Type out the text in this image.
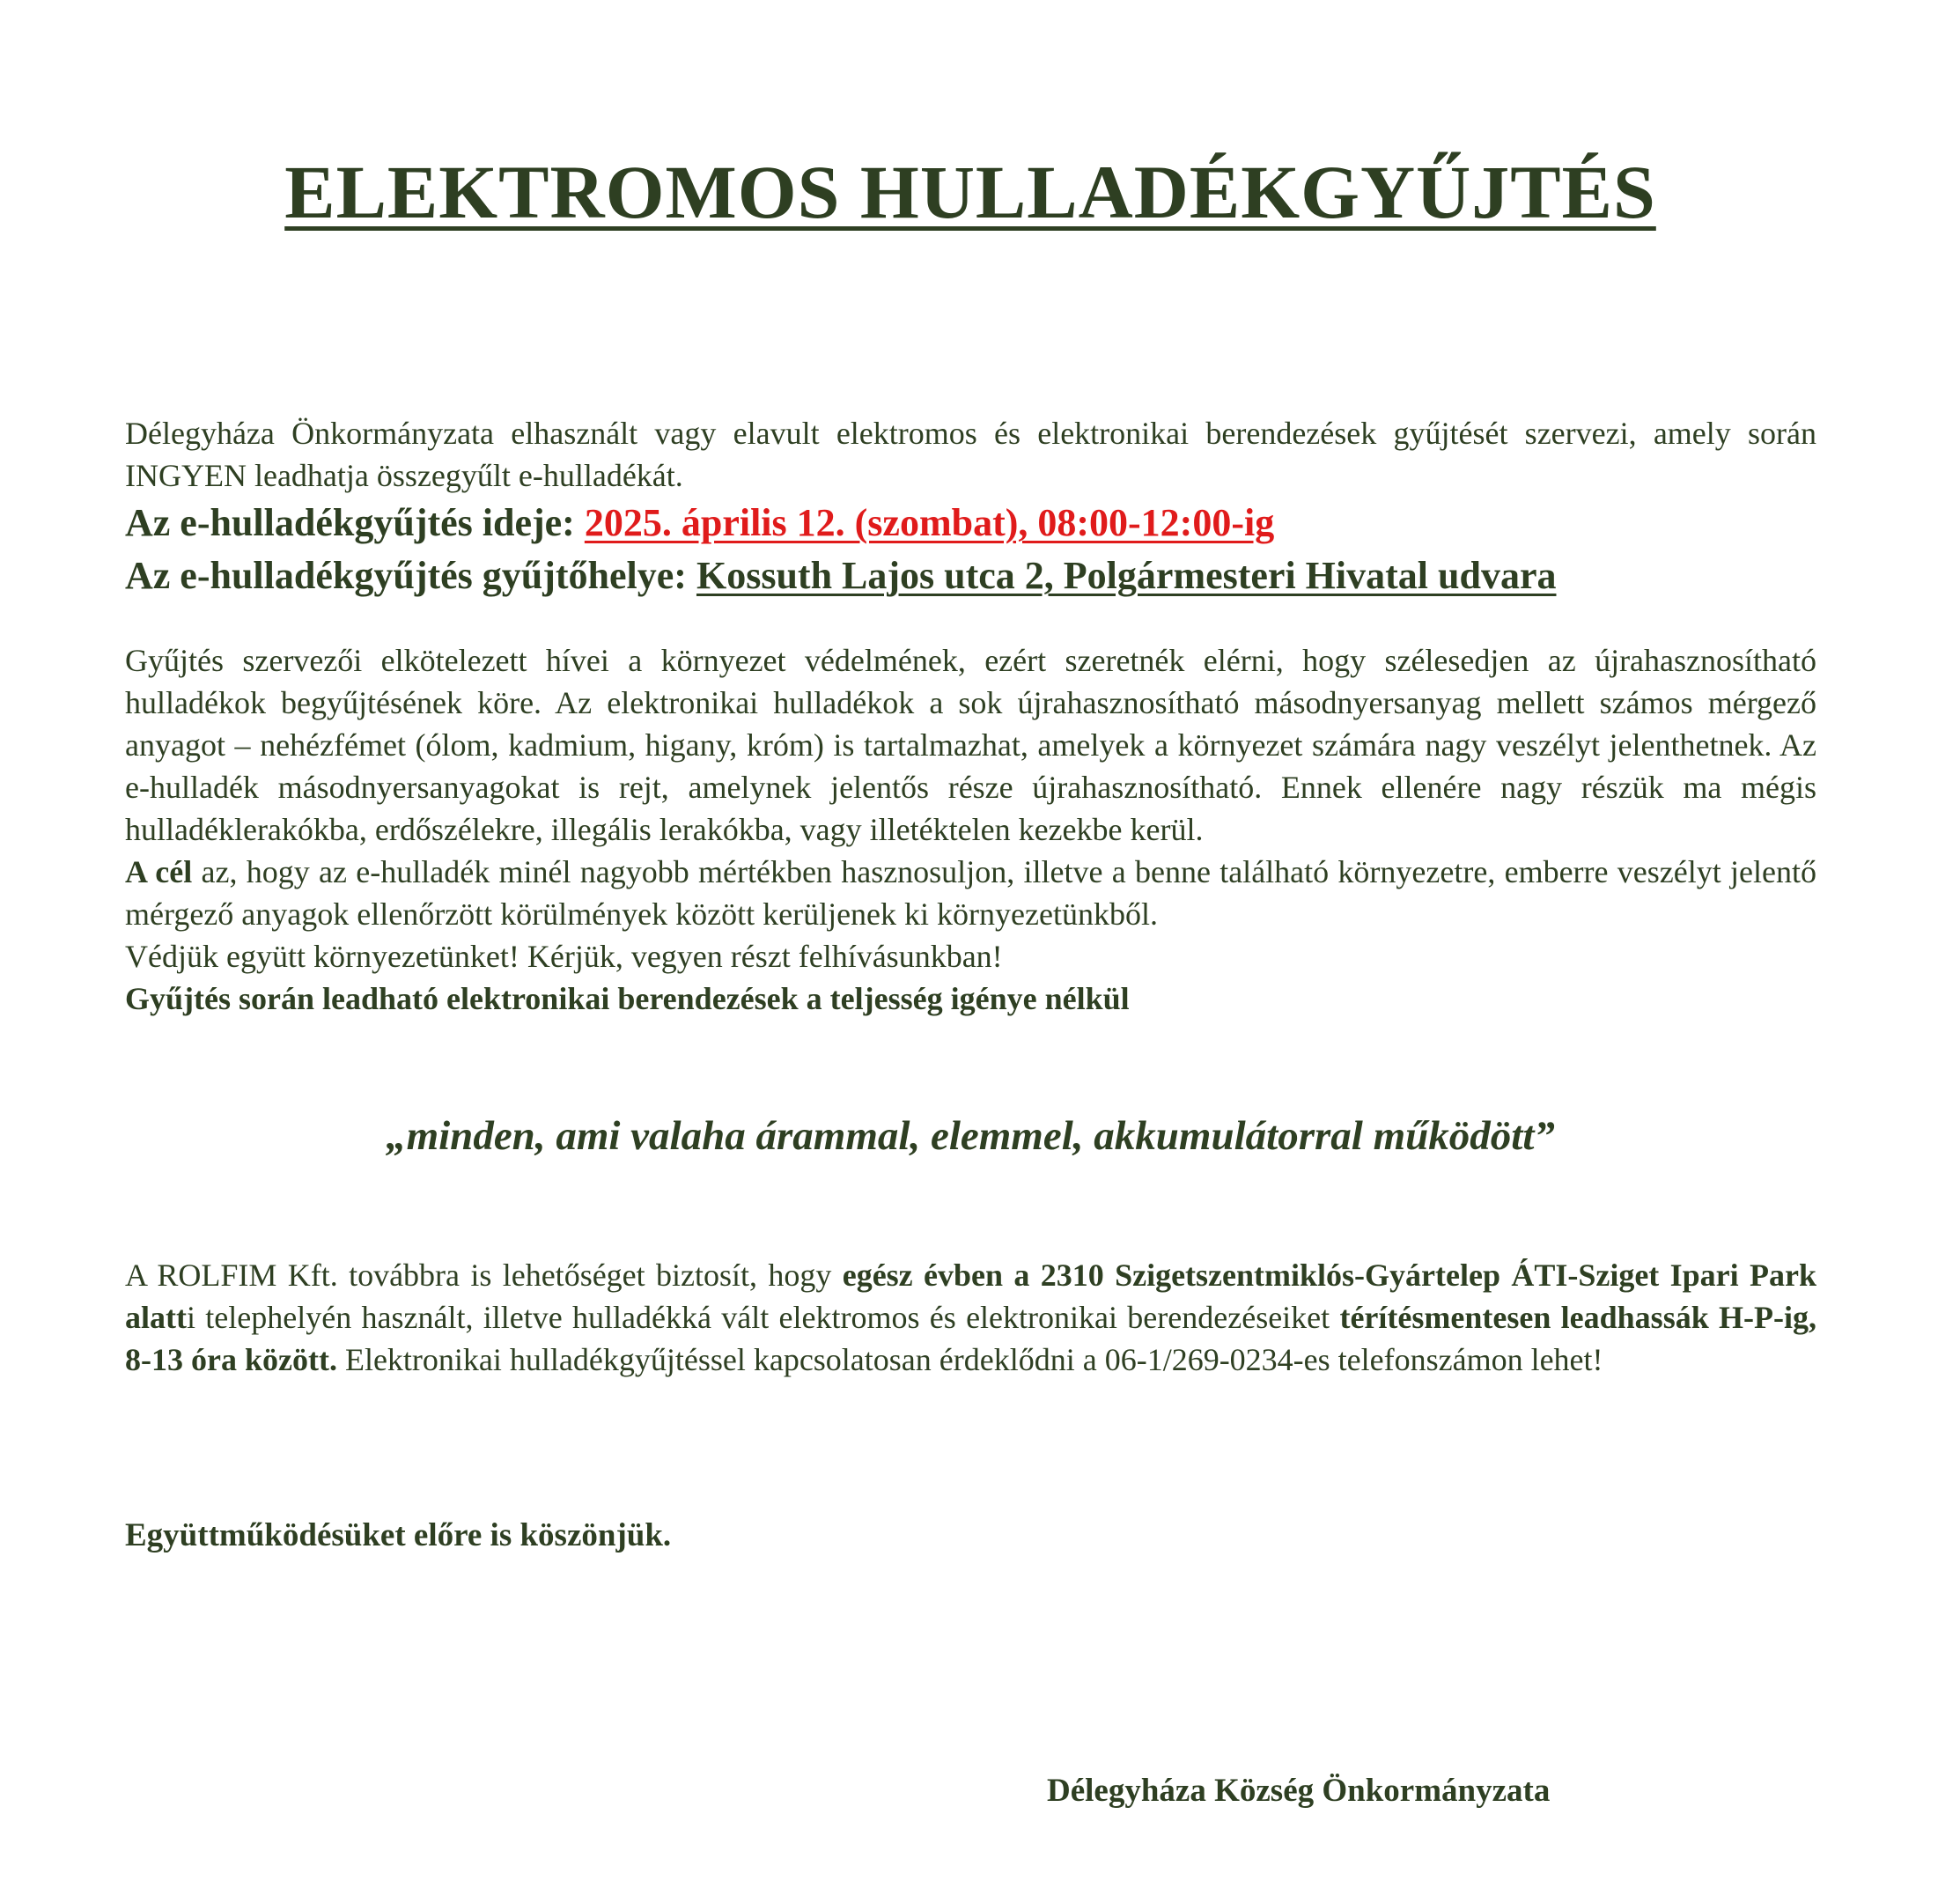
ELEKTROMOS HULLADÉKGYŰJTÉS

Délegyháza Önkormányzata elhasznált vagy elavult elektromos és elektronikai berendezések gyűjtését szervezi, amely során INGYEN leadhatja összegyűlt e-hulladékát.

Az e-hulladékgyűjtés ideje: 2025. április 12. (szombat), 08:00-12:00-ig
Az e-hulladékgyűjtés gyűjtőhelye: Kossuth Lajos utca 2, Polgármesteri Hivatal udvara

Gyűjtés szervezői elkötelezett hívei a környezet védelmének, ezért szeretnék elérni, hogy szélesedjen az újrahasznosítható hulladékok begyűjtésének köre. Az elektronikai hulladékok a sok újrahasznosítható másodnyersanyag mellett számos mérgező anyagot – nehézfémet (ólom, kadmium, higany, króm) is tartalmazhat, amelyek a környezet számára nagy veszélyt jelenthetnek. Az e-hulladék másodnyersanyagokat is rejt, amelynek jelentős része újrahasznosítható. Ennek ellenére nagy részük ma mégis hulladéklerakókba, erdőszélekre, illegális lerakókba, vagy illetéktelen kezekbe kerül.

A cél az, hogy az e-hulladék minél nagyobb mértékben hasznosuljon, illetve a benne található környezetre, emberre veszélyt jelentő mérgező anyagok ellenőrzött körülmények között kerüljenek ki környezetünkből.

Védjük együtt környezetünket! Kérjük, vegyen részt felhívásunkban!

Gyűjtés során leadható elektronikai berendezések a teljesség igénye nélkül

„minden, ami valaha árammal, elemmel, akkumulátorral működött”

A ROLFIM Kft. továbbra is lehetőséget biztosít, hogy egész évben a 2310 Szigetszentmiklós-Gyártelep ÁTI-Sziget Ipari Park alatti telephelyén használt, illetve hulladékká vált elektromos és elektronikai berendezéseiket térítésmentesen leadhassák H-P-ig, 8-13 óra között. Elektronikai hulladékgyűjtéssel kapcsolatosan érdeklődni a 06-1/269-0234-es telefonszámon lehet!

Együttműködésüket előre is köszönjük.
Délegyháza Község Önkormányzata
